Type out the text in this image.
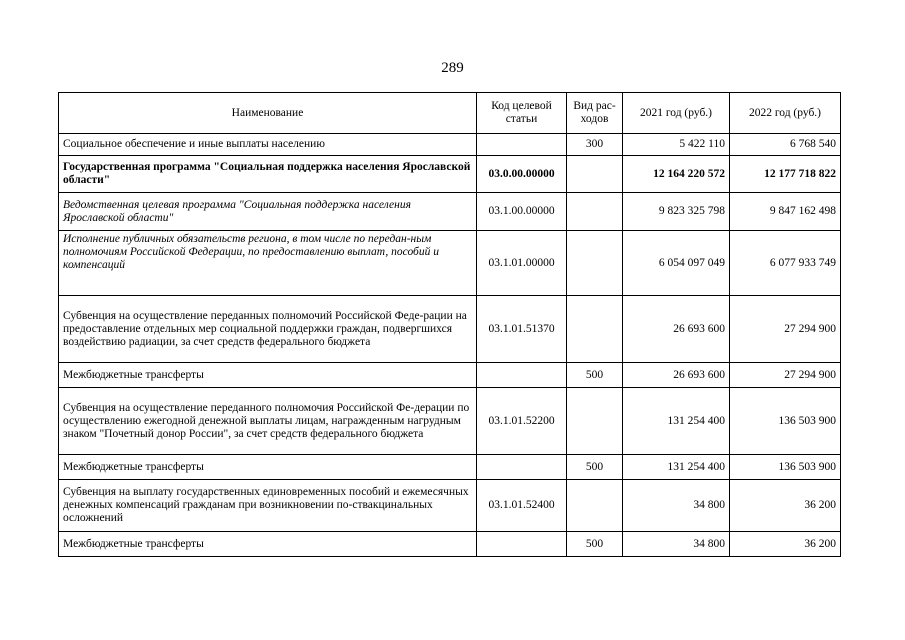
289
Наименование	Код целевой статьи	Вид рас-ходов	2021 год (руб.)	2022 год (руб.)
Социальное обеспечение и иные выплаты населению		300	5 422 110	6 768 540
Государственная программа "Социальная поддержка населения Ярославской области"	03.0.00.00000		12 164 220 572	12 177 718 822
Ведомственная целевая программа "Социальная поддержка населения Ярославской области"	03.1.00.00000		9 823 325 798	9 847 162 498
Исполнение публичных обязательств региона, в том числе по передан-ным полномочиям Российской Федерации, по предоставлению выплат, пособий и компенсаций	03.1.01.00000		6 054 097 049	6 077 933 749
Субвенция на осуществление переданных полномочий Российской Феде-рации на предоставление отдельных мер социальной поддержки граждан, подвергшихся воздействию радиации, за счет средств федерального бюджета	03.1.01.51370		26 693 600	27 294 900
Межбюджетные трансферты		500	26 693 600	27 294 900
Субвенция на осуществление переданного полномочия Российской Фе-дерации по осуществлению ежегодной денежной выплаты лицам, награжденным нагрудным знаком "Почетный донор России", за счет средств федерального бюджета	03.1.01.52200		131 254 400	136 503 900
Межбюджетные трансферты		500	131 254 400	136 503 900
Субвенция на выплату государственных единовременных пособий и ежемесячных денежных компенсаций гражданам при возникновении по-ствакцинальных осложнений	03.1.01.52400		34 800	36 200
Межбюджетные трансферты		500	34 800	36 200
